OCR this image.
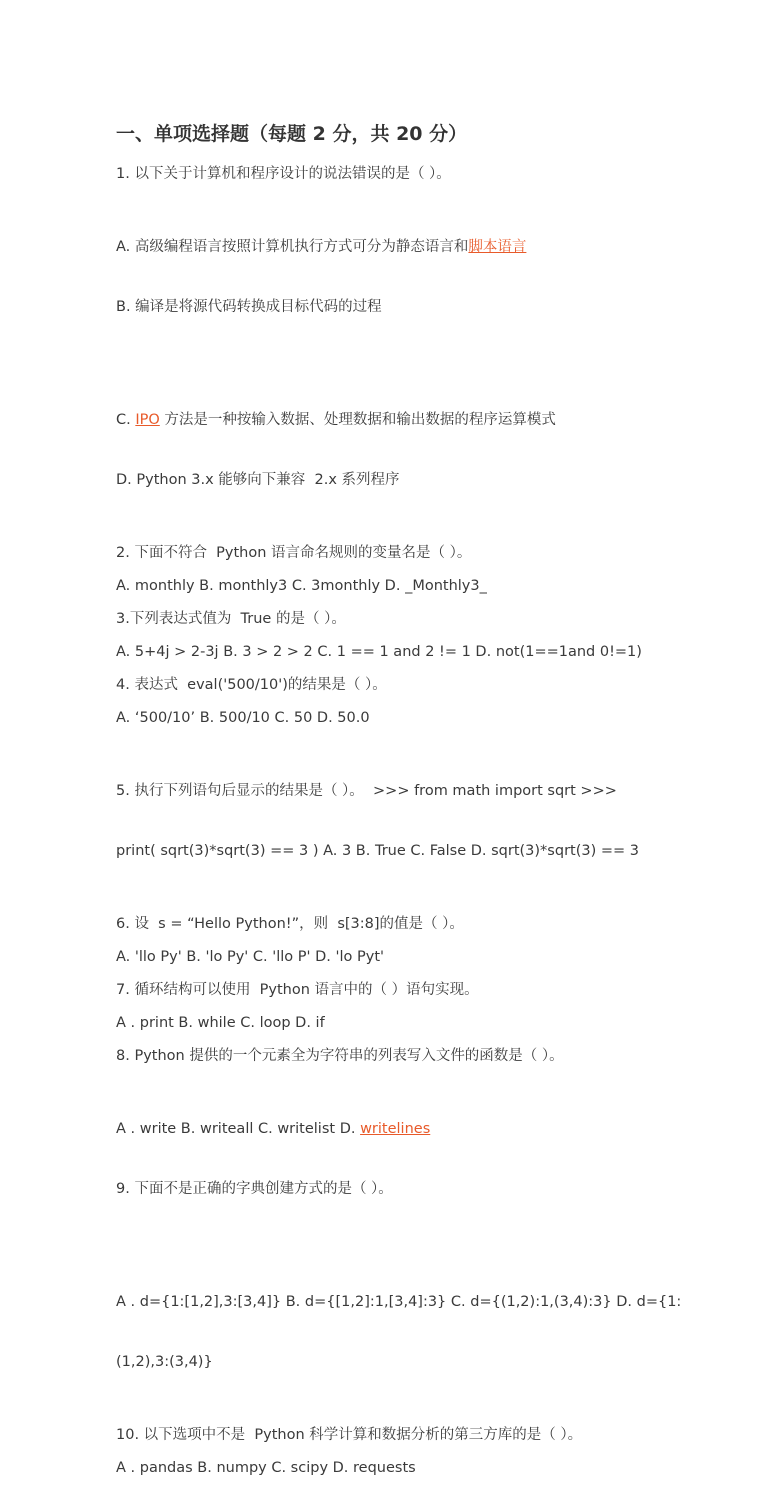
一、单项选择题（每题 2 分，共 20 分）
1. 以下关于计算机和程序设计的说法错误的是（ ）。

A. 高级编程语言按照计算机执行方式可分为静态语言和脚本语言

B. 编译是将源代码转换成目标代码的过程

C. IPO 方法是一种按输入数据、处理数据和输出数据的程序运算模式

D. Python 3.x 能够向下兼容  2.x 系列程序

2. 下面不符合  Python 语言命名规则的变量名是（ ）。
A. monthly B. monthly3 C. 3monthly D. _Monthly3_
3.下列表达式值为  True 的是（ ）。
A. 5+4j > 2-3j B. 3 > 2 > 2 C. 1 == 1 and 2 != 1 D. not(1==1and 0!=1)
4. 表达式  eval('500/10')的结果是（ ）。
A. ‘500/10’ B. 500/10 C. 50 D. 50.0

5. 执行下列语句后显示的结果是（ ）。  >>> from math import sqrt >>>

print( sqrt(3)*sqrt(3) == 3 ) A. 3 B. True C. False D. sqrt(3)*sqrt(3) == 3

6. 设  s = “Hello Python!”，则  s[3:8]的值是（ ）。
A. 'llo Py' B. 'lo Py' C. 'llo P' D. 'lo Pyt'
7. 循环结构可以使用  Python 语言中的（ ）语句实现。
A . print B. while C. loop D. if
8. Python 提供的一个元素全为字符串的列表写入文件的函数是（ ）。

A . write B. writeall C. writelist D. writelines

9. 下面不是正确的字典创建方式的是（ ）。

A . d={1:[1,2],3:[3,4]} B. d={[1,2]:1,[3,4]:3} C. d={(1,2):1,(3,4):3} D. d={1:

(1,2),3:(3,4)}

10. 以下选项中不是  Python 科学计算和数据分析的第三方库的是（ ）。
A . pandas B. numpy C. scipy D. requests
